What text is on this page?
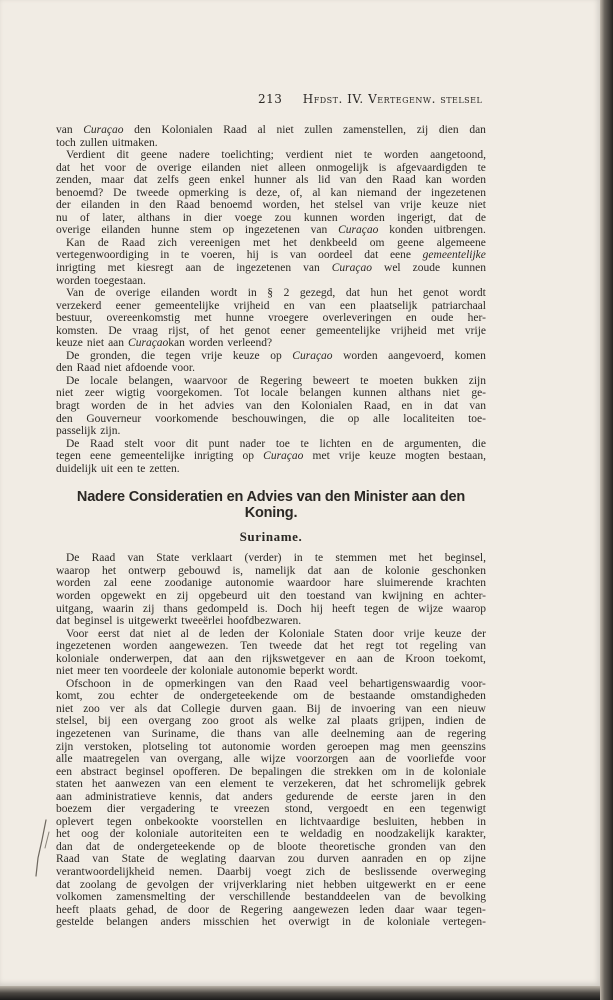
213 Hfdst. IV. Vertegenw. stelsel
van Curaçao den Kolonialen Raad al niet zullen zamenstellen, zij dien dan
toch zullen uitmaken.
Verdient dit geene nadere toelichting; verdient niet te worden aangetoond,
dat het voor de overige eilanden niet alleen onmogelijk is afgevaardigden te
zenden, maar dat zelfs geen enkel hunner als lid van den Raad kan worden
benoemd? De tweede opmerking is deze, of, al kan niemand der ingezetenen
der eilanden in den Raad benoemd worden, het stelsel van vrije keuze niet
nu of later, althans in dier voege zou kunnen worden ingerigt, dat de
overige eilanden hunne stem op ingezetenen van Curaçao konden uitbrengen.
Kan de Raad zich vereenigen met het denkbeeld om geene algemeene
vertegenwoordiging in te voeren, hij is van oordeel dat eene gemeentelijke
inrigting met kiesregt aan de ingezetenen van Curaçao wel zoude kunnen
worden toegestaan.
Van de overige eilanden wordt in § 2 gezegd, dat hun het genot wordt
verzekerd eener gemeentelijke vrijheid en van een plaatselijk patriarchaal
bestuur, overeenkomstig met hunne vroegere overleveringen en oude her-
komsten. De vraag rijst, of het genot eener gemeentelijke vrijheid met vrije
keuze niet aan Curaçao kan worden verleend?
De gronden, die tegen vrije keuze op Curaçao worden aangevoerd, komen
den Raad niet afdoende voor.
De locale belangen, waarvoor de Regering beweert te moeten bukken zijn
niet zeer wigtig voorgekomen. Tot locale belangen kunnen althans niet ge-
bragt worden de in het advies van den Kolonialen Raad, en in dat van
den Gouverneur voorkomende beschouwingen, die op alle localiteiten toe-
passelijk zijn.
De Raad stelt voor dit punt nader toe te lichten en de argumenten, die
tegen eene gemeentelijke inrigting op Curaçao met vrije keuze mogten bestaan,
duidelijk uit een te zetten.
Nadere Consideratien en Advies van den Minister aan den Koning.
Suriname.
De Raad van State verklaart (verder) in te stemmen met het beginsel,
waarop het ontwerp gebouwd is, namelijk dat aan de kolonie geschonken
worden zal eene zoodanige autonomie waardoor hare sluimerende krachten
worden opgewekt en zij opgebeurd uit den toestand van kwijning en achter-
uitgang, waarin zij thans gedompeld is. Doch hij heeft tegen de wijze waarop
dat beginsel is uitgewerkt tweeërlei hoofdbezwaren.
Voor eerst dat niet al de leden der Koloniale Staten door vrije keuze der
ingezetenen worden aangewezen. Ten tweede dat het regt tot regeling van
koloniale onderwerpen, dat aan den rijkswetgever en aan de Kroon toekomt,
niet meer ten voordeele der koloniale autonomie beperkt wordt.
Ofschoon in de opmerkingen van den Raad veel behartigenswaardig voor-
komt, zou echter de ondergeteekende om de bestaande omstandigheden
niet zoo ver als dat Collegie durven gaan. Bij de invoering van een nieuw
stelsel, bij een overgang zoo groot als welke zal plaats grijpen, indien de
ingezetenen van Suriname, die thans van alle deelneming aan de regering
zijn verstoken, plotseling tot autonomie worden geroepen mag men geenszins
alle maatregelen van overgang, alle wijze voorzorgen aan de voorliefde voor
een abstract beginsel opofferen. De bepalingen die strekken om in de koloniale
staten het aanwezen van een element te verzekeren, dat het schromelijk gebrek
aan administratieve kennis, dat anders gedurende de eerste jaren in den
boezem dier vergadering te vreezen stond, vergoedt en een tegenwigt
oplevert tegen onbekookte voorstellen en lichtvaardige besluiten, hebben in
het oog der koloniale autoriteiten een te weldadig en noodzakelijk karakter,
dan dat de ondergeteekende op de bloote theoretische gronden van den
Raad van State de weglating daarvan zou durven aanraden en op zijne
verantwoordelijkheid nemen. Daarbij voegt zich de beslissende overweging
dat zoolang de gevolgen der vrijverklaring niet hebben uitgewerkt en er eene
volkomen zamensmelting der verschillende bestanddeelen van de bevolking
heeft plaats gehad, de door de Regering aangewezen leden daar waar tegen-
gestelde belangen anders misschien het overwigt in de koloniale vertegen-
